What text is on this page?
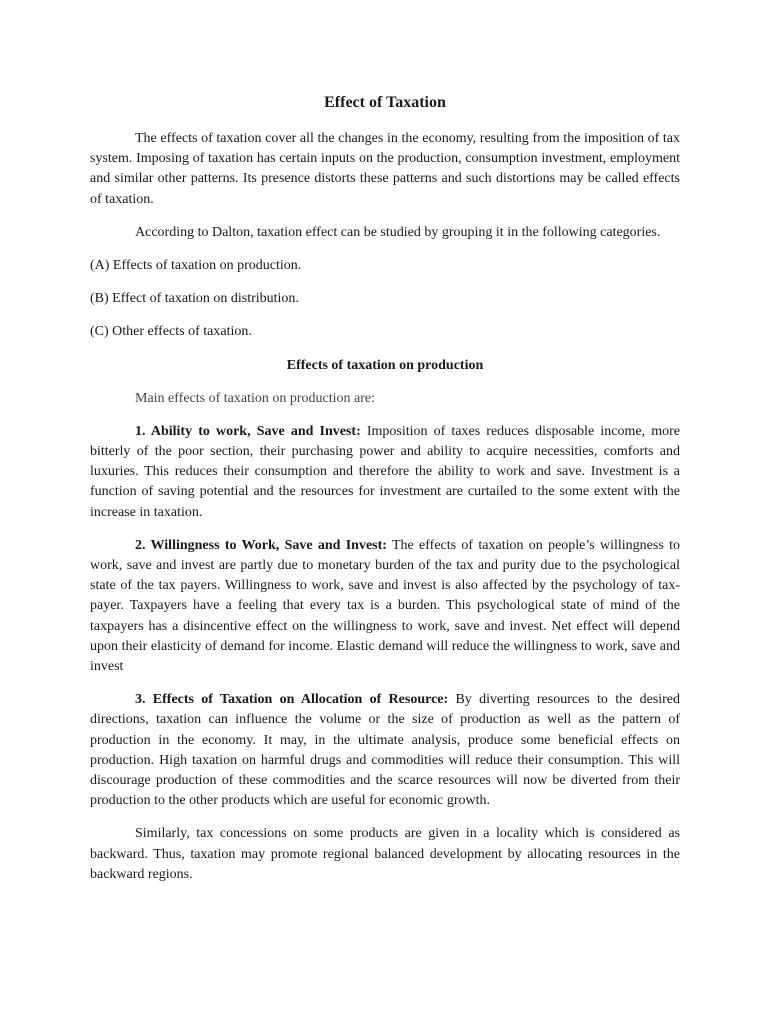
Effect of Taxation

The effects of taxation cover all the changes in the economy, resulting from the imposition of tax system. Imposing of taxation has certain inputs on the production, consumption investment, employment and similar other patterns. Its presence distorts these patterns and such distortions may be called effects of taxation.

According to Dalton, taxation effect can be studied by grouping it in the following categories.

(A) Effects of taxation on production.

(B) Effect of taxation on distribution.

(C) Other effects of taxation.

Effects of taxation on production

Main effects of taxation on production are:

1. Ability to work, Save and Invest: Imposition of taxes reduces disposable income, more bitterly of the poor section, their purchasing power and ability to acquire necessities, comforts and luxuries. This reduces their consumption and therefore the ability to work and save. Investment is a function of saving potential and the resources for investment are curtailed to the some extent with the increase in taxation.

2. Willingness to Work, Save and Invest: The effects of taxation on people’s willingness to work, save and invest are partly due to monetary burden of the tax and purity due to the psychological state of the tax payers. Willingness to work, save and invest is also affected by the psychology of tax-payer. Taxpayers have a feeling that every tax is a burden. This psychological state of mind of the taxpayers has a disincentive effect on the willingness to work, save and invest. Net effect will depend upon their elasticity of demand for income. Elastic demand will reduce the willingness to work, save and invest

3. Effects of Taxation on Allocation of Resource: By diverting resources to the desired directions, taxation can influence the volume or the size of production as well as the pattern of production in the economy. It may, in the ultimate analysis, produce some beneficial effects on production. High taxation on harmful drugs and commodities will reduce their consumption. This will discourage production of these commodities and the scarce resources will now be diverted from their production to the other products which are useful for economic growth.

Similarly, tax concessions on some products are given in a locality which is considered as backward. Thus, taxation may promote regional balanced development by allocating resources in the backward regions.
